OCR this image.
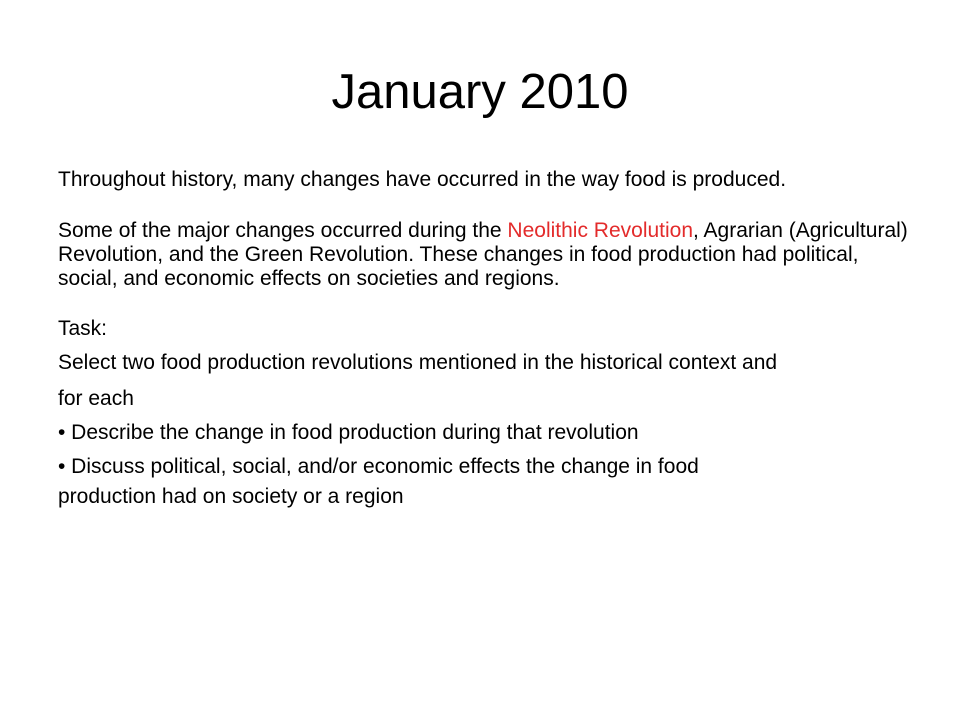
January 2010

Throughout history, many changes have occurred in the way food is produced.

Some of the major changes occurred during the Neolithic Revolution, Agrarian (Agricultural) Revolution, and the Green Revolution. These changes in food production had political, social, and economic effects on societies and regions.

Task:

Select two food production revolutions mentioned in the historical context and

for each

• Describe the change in food production during that revolution

• Discuss political, social, and/or economic effects the change in food

production had on society or a region
